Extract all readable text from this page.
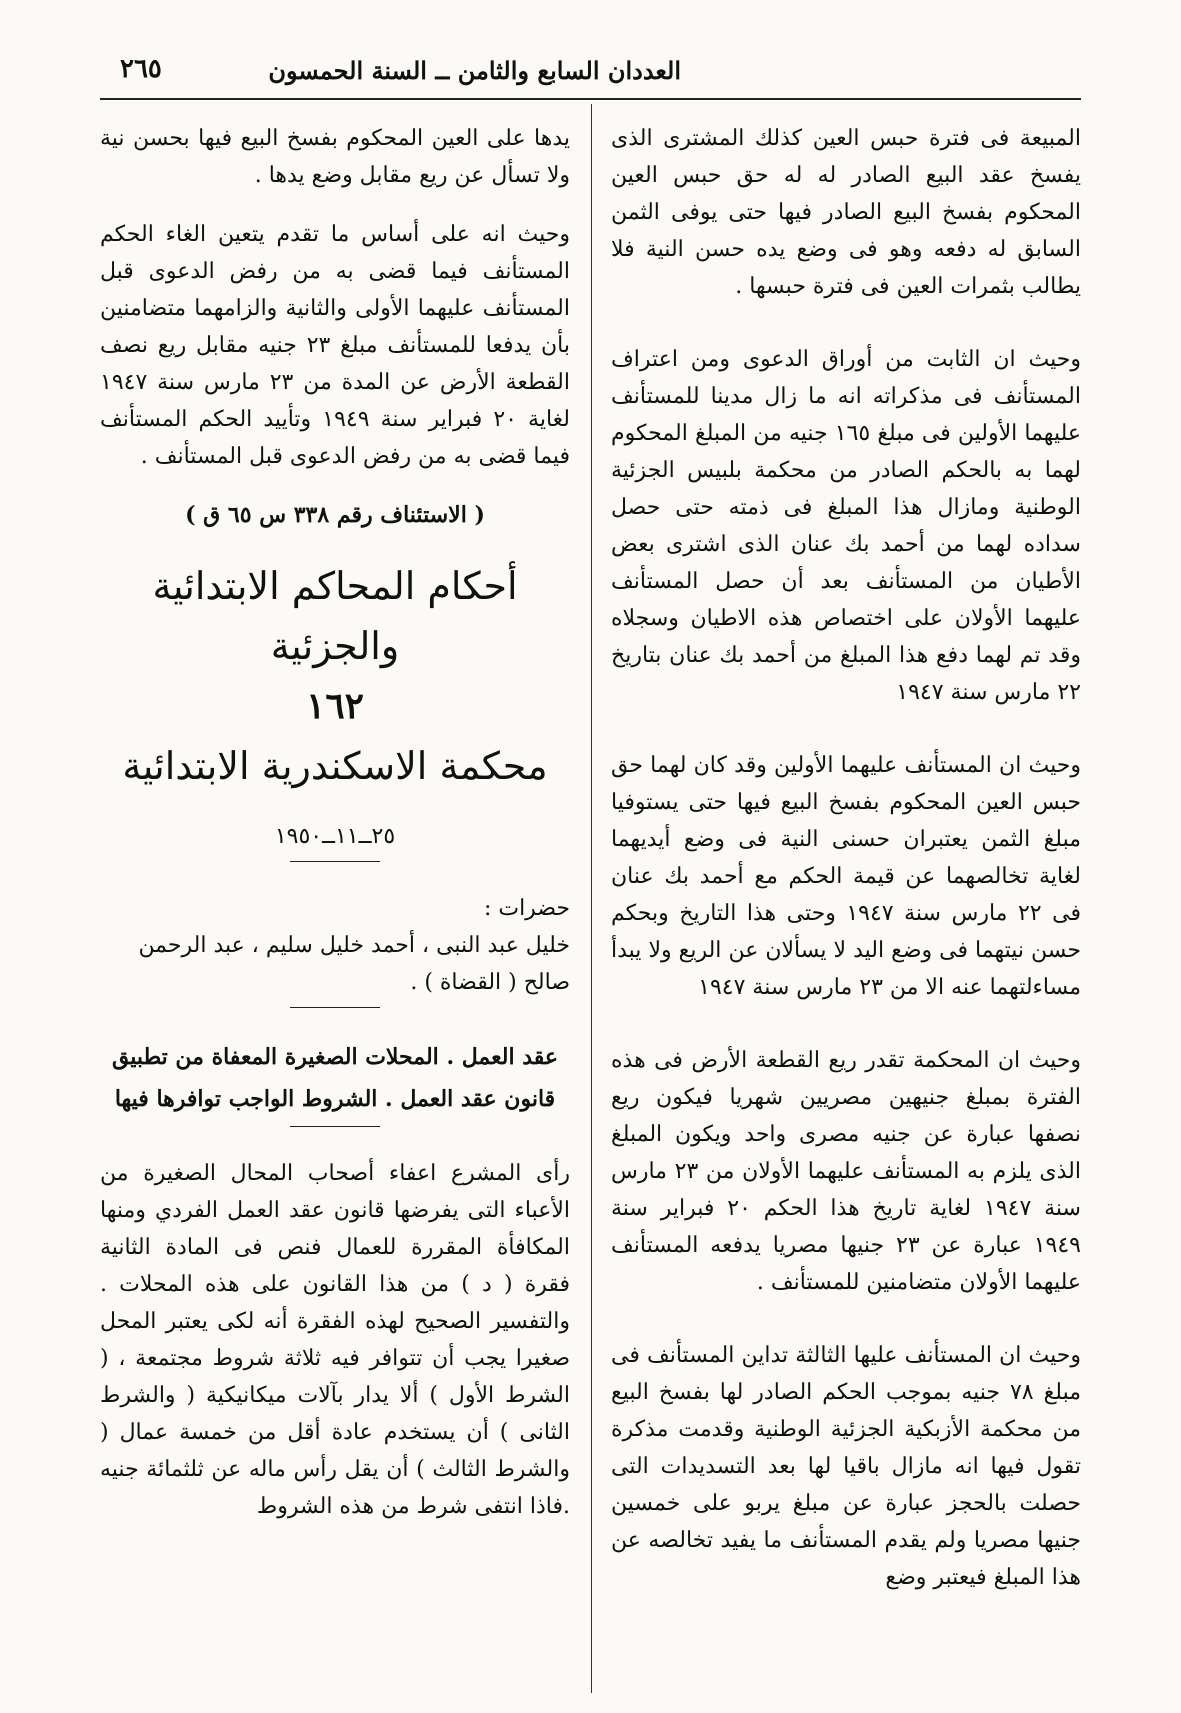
العددان السابع والثامن ــ السنة الحمسون
٢٦٥

المبيعة فى فترة حبس العين كذلك المشترى الذى يفسخ عقد البيع الصادر له له حق حبس العين المحكوم بفسخ البيع الصادر فيها حتى يوفى الثمن السابق له دفعه وهو فى وضع يده حسن النية فلا يطالب بثمرات العين فى فترة حبسها .

وحيث ان الثابت من أوراق الدعوى ومن اعتراف المستأنف فى مذكراته انه ما زال مدينا للمستأنف عليهما الأولين فى مبلغ ١٦٥ جنيه من المبلغ المحكوم لهما به بالحكم الصادر من محكمة بلبيس الجزئية الوطنية ومازال هذا المبلغ فى ذمته حتى حصل سداده لهما من أحمد بك عنان الذى اشترى بعض الأطيان من المستأنف بعد أن حصل المستأنف عليهما الأولان على اختصاص هذه الاطيان وسجلاه وقد تم لهما دفع هذا المبلغ من أحمد بك عنان بتاريخ ٢٢ مارس سنة ١٩٤٧

وحيث ان المستأنف عليهما الأولين وقد كان لهما حق حبس العين المحكوم بفسخ البيع فيها حتى يستوفيا مبلغ الثمن يعتبران حسنى النية فى وضع أيديهما لغاية تخالصهما عن قيمة الحكم مع أحمد بك عنان فى ٢٢ مارس سنة ١٩٤٧ وحتى هذا التاريخ وبحكم حسن نيتهما فى وضع اليد لا يسألان عن الريع ولا يبدأ مساءلتهما عنه الا من ٢٣ مارس سنة ١٩٤٧

وحيث ان المحكمة تقدر ريع القطعة الأرض فى هذه الفترة بمبلغ جنيهين مصريين شهريا فيكون ريع نصفها عبارة عن جنيه مصرى واحد ويكون المبلغ الذى يلزم به المستأنف عليهما الأولان من ٢٣ مارس سنة ١٩٤٧ لغاية تاريخ هذا الحكم ٢٠ فبراير سنة ١٩٤٩ عبارة عن ٢٣ جنيها مصريا يدفعه المستأنف عليهما الأولان متضامنين للمستأنف .

وحيث ان المستأنف عليها الثالثة تداين المستأنف فى مبلغ ٧٨ جنيه بموجب الحكم الصادر لها بفسخ البيع من محكمة الأزبكية الجزئية الوطنية وقدمت مذكرة تقول فيها انه مازال باقيا لها بعد التسديدات التى حصلت بالحجز عبارة عن مبلغ يربو على خمسين جنيها مصريا ولم يقدم المستأنف ما يفيد تخالصه عن هذا المبلغ فيعتبر وضع

يدها على العين المحكوم بفسخ البيع فيها بحسن نية ولا تسأل عن ريع مقابل وضع يدها .

وحيث انه على أساس ما تقدم يتعين الغاء الحكم المستأنف فيما قضى به من رفض الدعوى قبل المستأنف عليهما الأولى والثانية والزامهما متضامنين بأن يدفعا للمستأنف مبلغ ٢٣ جنيه مقابل ريع نصف القطعة الأرض عن المدة من ٢٣ مارس سنة ١٩٤٧ لغاية ٢٠ فبراير سنة ١٩٤٩ وتأييد الحكم المستأنف فيما قضى به من رفض الدعوى قبل المستأنف .

( الاستئناف رقم ٣٣٨ س ٦٥ ق )

أحكام المحاكم الابتدائية والجزئية

١٦٢

محكمة الاسكندرية الابتدائية

٢٥ــ١١ــ١٩٥٠

حضرات :

خليل عبد النبى ، أحمد خليل سليم ، عبد الرحمن

صالح ( القضاة ) .

عقد العمل . المحلات الصغيرة المعفاة من تطبيق

قانون عقد العمل . الشروط الواجب توافرها فيها

رأى المشرع اعفاء أصحاب المحال الصغيرة من الأعباء التى يفرضها قانون عقد العمل الفردي ومنها المكافأة المقررة للعمال فنص فى المادة الثانية فقرة ( د ) من هذا القانون على هذه المحلات . والتفسير الصحيح لهذه الفقرة أنه لكى يعتبر المحل صغيرا يجب أن تتوافر فيه ثلاثة شروط مجتمعة ، ( الشرط الأول ) ألا يدار بآلات ميكانيكية ( والشرط الثانى ) أن يستخدم عادة أقل من خمسة عمال ( والشرط الثالث ) أن يقل رأس ماله عن ثلثمائة جنيه .فاذا انتفى شرط من هذه الشروط
